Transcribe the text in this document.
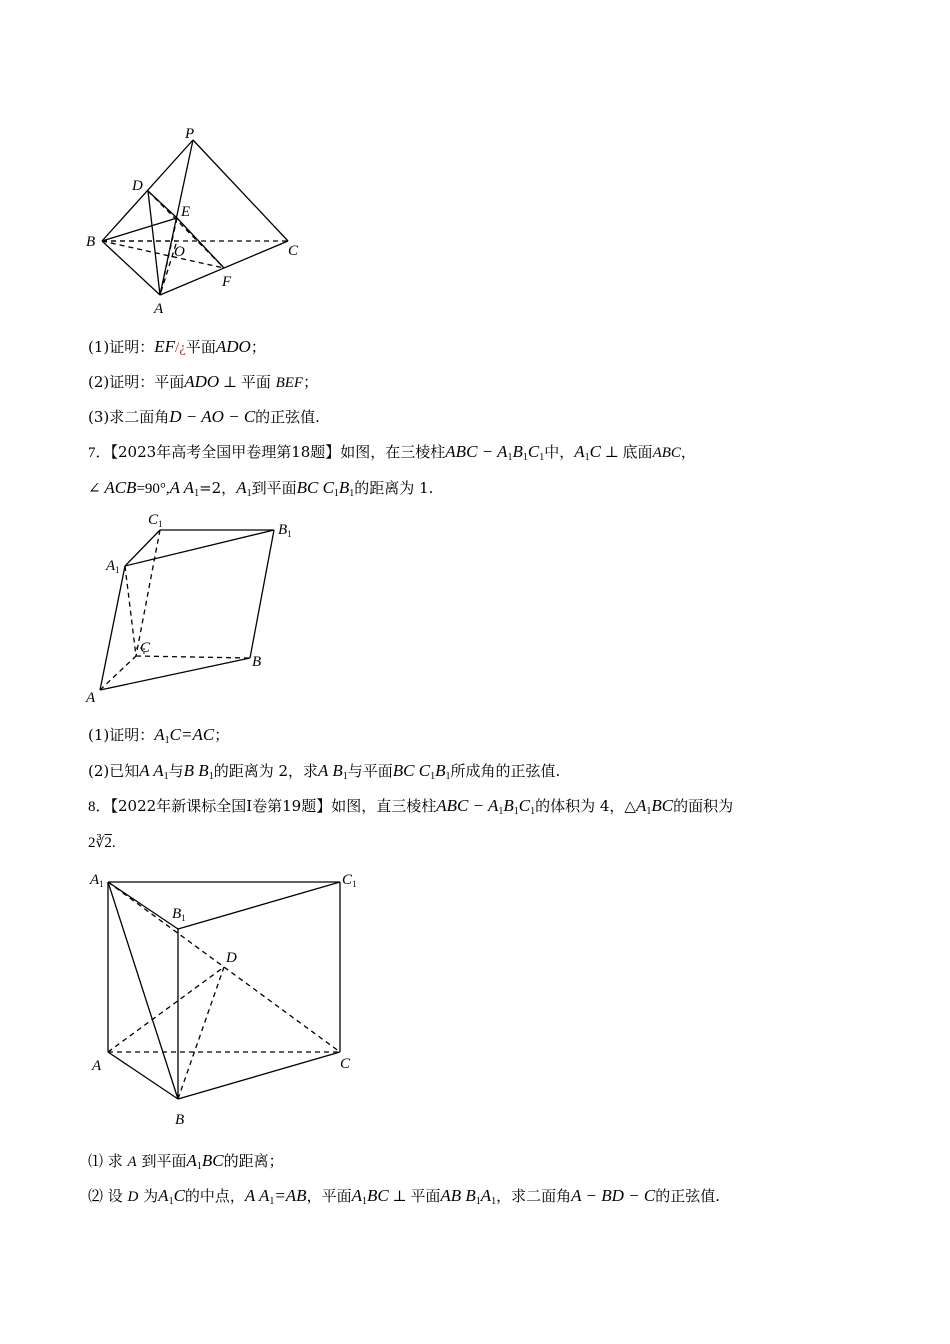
P
D
E
B
O	C
F
A
(1)证明：EF/¿平面ADO；
(2)证明：平面ADO ⊥ 平面 BEF；
(3)求二面角D − AO − C的正弦值.
7．【2023年高考全国甲卷理第18题】如图，在三棱柱ABC − $A_1B_1C_1$中，$A_1C$ ⊥ 底面ABC，
∠ ACB=90°,A $A_1=2$，$A_1$到平面BC $C_1B_1$的距离为 1.
$C_1$	$B_1$
$A_1$
C
B
A
(1)证明：$A_1C=AC$；
(2)已知A $A_1$与B $B_1$的距离为 2，求A $B_1$与平面BC $C_1B_1$所成角的正弦值.
8．【2022年新课标全国Ⅰ卷第19题】如图，直三棱柱ABC − $A_1B_1C_1$的体积为 4，$\triangle A_1BC$的面积为
2∛2.
$A_1$
$B_1$
$C_1$
D
A
B
C
⑴ 求 A 到平面$A_1BC$的距离；
⑵ 设 D 为$A_1C$的中点，A $A_1=AB$，平面$A_1BC$ ⊥ 平面AB $B_1A_1$，求二面角A − BD − C的正弦值.
